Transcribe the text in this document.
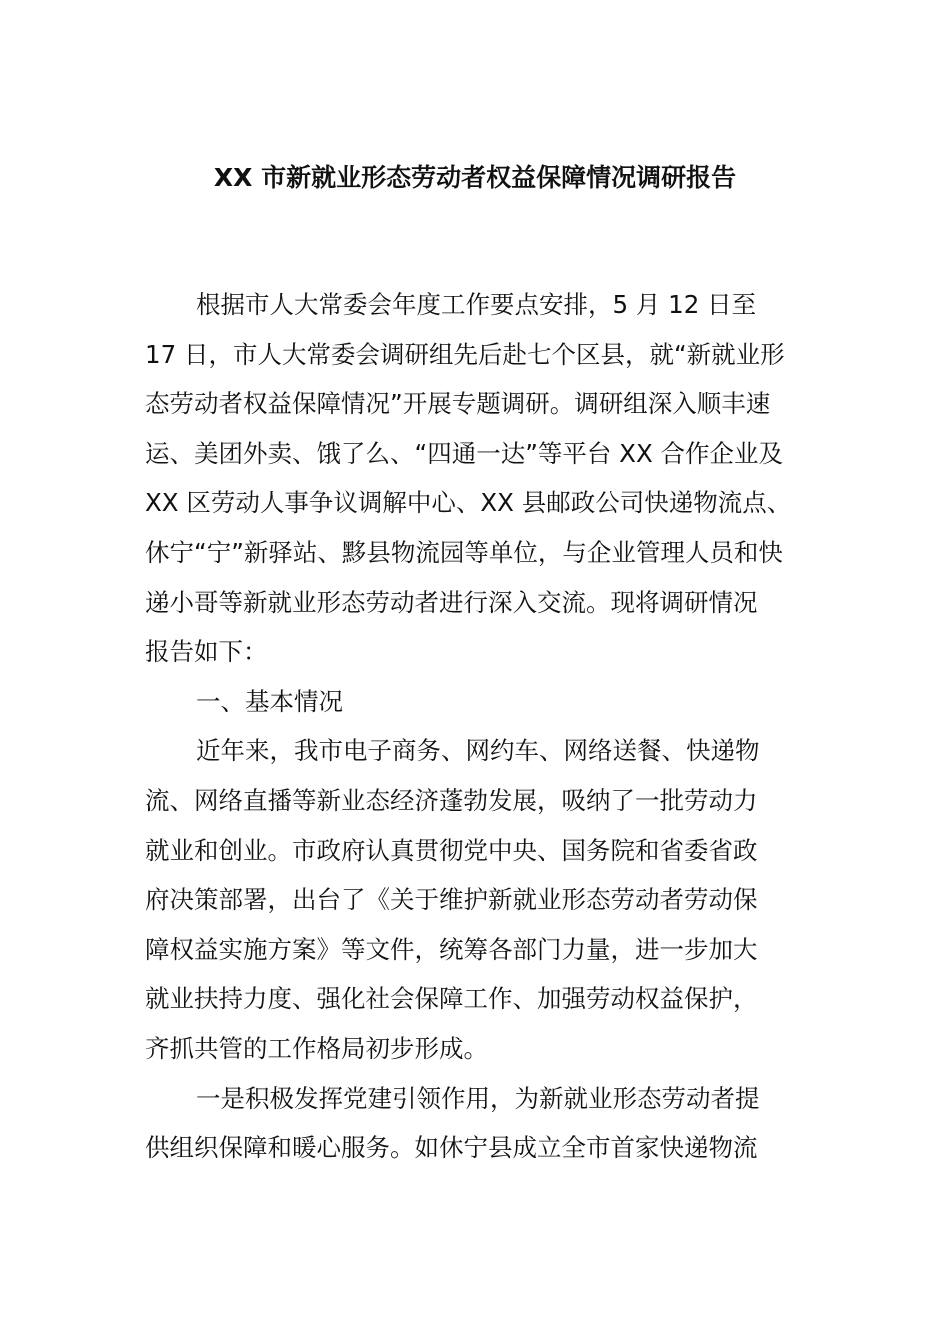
XX 市新就业形态劳动者权益保障情况调研报告
根据市人大常委会年度工作要点安排，5 月 12 日至
17 日，市人大常委会调研组先后赴七个区县，就“新就业形
态劳动者权益保障情况”开展专题调研。调研组深入顺丰速
运、美团外卖、饿了么、“四通一达”等平台 XX 合作企业及
XX 区劳动人事争议调解中心、XX 县邮政公司快递物流点、
休宁“宁”新驿站、黟县物流园等单位，与企业管理人员和快
递小哥等新就业形态劳动者进行深入交流。现将调研情况
报告如下：
一、基本情况
近年来，我市电子商务、网约车、网络送餐、快递物
流、网络直播等新业态经济蓬勃发展，吸纳了一批劳动力
就业和创业。市政府认真贯彻党中央、国务院和省委省政
府决策部署，出台了《关于维护新就业形态劳动者劳动保
障权益实施方案》等文件，统筹各部门力量，进一步加大
就业扶持力度、强化社会保障工作、加强劳动权益保护，
齐抓共管的工作格局初步形成。
一是积极发挥党建引领作用，为新就业形态劳动者提
供组织保障和暖心服务。如休宁县成立全市首家快递物流
